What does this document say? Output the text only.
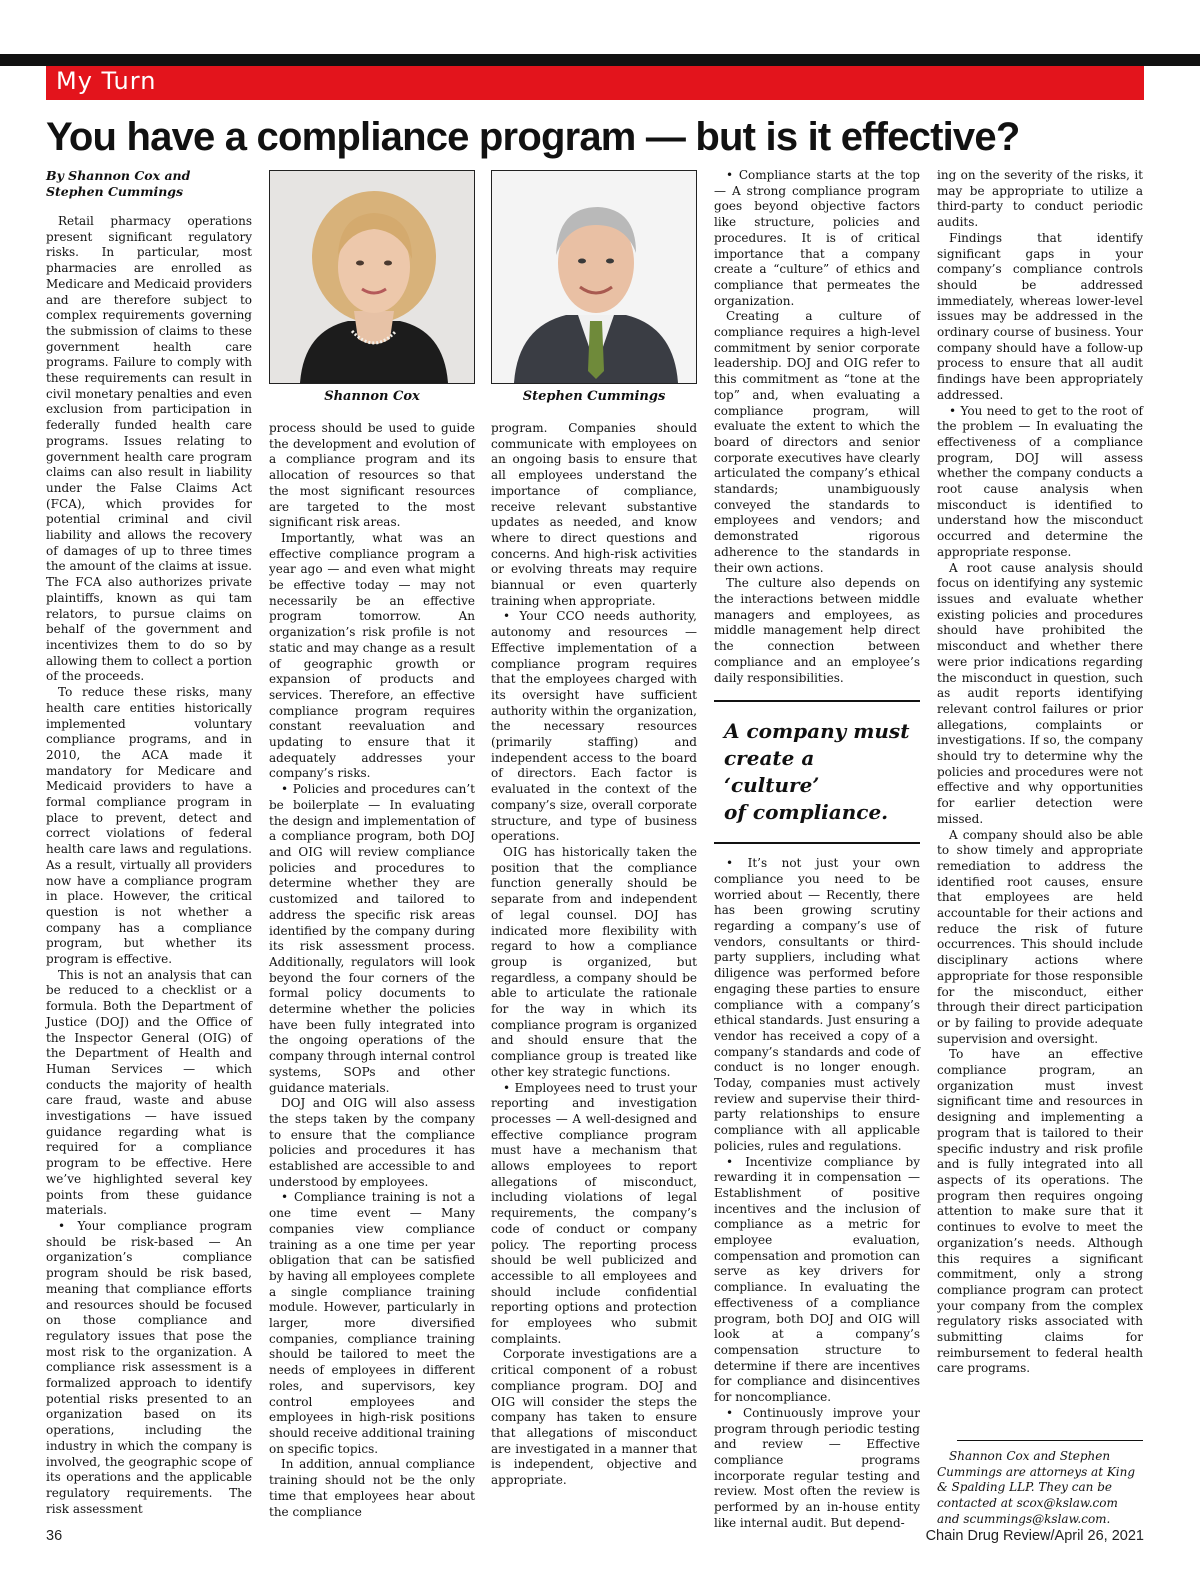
My Turn
You have a compliance program — but is it effective?
By Shannon Cox and
Stephen Cummings

Retail pharmacy operations present significant regulatory risks. In particular, most pharmacies are enrolled as Medicare and Medicaid providers and are therefore subject to complex requirements governing the submission of claims to these government health care programs. Failure to comply with these requirements can result in civil monetary penalties and even exclusion from participation in federally funded health care programs. Issues relating to government health care program claims can also result in liability under the False Claims Act (FCA), which provides for potential criminal and civil liability and allows the recovery of damages of up to three times the amount of the claims at issue. The FCA also authorizes private plaintiffs, known as qui tam relators, to pursue claims on behalf of the government and incentivizes them to do so by allowing them to collect a portion of the proceeds.

To reduce these risks, many health care entities historically implemented voluntary compliance programs, and in 2010, the ACA made it mandatory for Medicare and Medicaid providers to have a formal compliance program in place to prevent, detect and correct violations of federal health care laws and regulations. As a result, virtually all providers now have a compliance program in place. However, the critical question is not whether a company has a compliance program, but whether its program is effective.

This is not an analysis that can be reduced to a checklist or a formula. Both the Department of Justice (DOJ) and the Office of the Inspector General (OIG) of the Department of Health and Human Services — which conducts the majority of health care fraud, waste and abuse investigations — have issued guidance regarding what is required for a compliance program to be effective. Here we’ve highlighted several key points from these guidance materials.

• Your compliance program should be risk-based — An organization’s compliance program should be risk based, meaning that compliance efforts and resources should be focused on those compliance and regulatory issues that pose the most risk to the organization. A compliance risk assessment is a formalized approach to identify potential risks presented to an organization based on its operations, including the industry in which the company is involved, the geographic scope of its operations and the applicable regulatory requirements. The risk assessment

Shannon Cox	Stephen Cummings

process should be used to guide the development and evolution of a compliance program and its allocation of resources so that the most significant resources are targeted to the most significant risk areas.

Importantly, what was an effective compliance program a year ago — and even what might be effective today — may not necessarily be an effective program tomorrow. An organization’s risk profile is not static and may change as a result of geographic growth or expansion of products and services. Therefore, an effective compliance program requires constant reevaluation and updating to ensure that it adequately addresses your company’s risks.

• Policies and procedures can’t be boilerplate — In evaluating the design and implementation of a compliance program, both DOJ and OIG will review compliance policies and procedures to determine whether they are customized and tailored to address the specific risk areas identified by the company during its risk assessment process. Additionally, regulators will look beyond the four corners of the formal policy documents to determine whether the policies have been fully integrated into the ongoing operations of the company through internal control systems, SOPs and other guidance materials.

DOJ and OIG will also assess the steps taken by the company to ensure that the compliance policies and procedures it has established are accessible to and understood by employees.

• Compliance training is not a one time event — Many companies view compliance training as a one time per year obligation that can be satisfied by having all employees complete a single compliance training module. However, particularly in larger, more diversified companies, compliance training should be tailored to meet the needs of employees in different roles, and supervisors, key control employees and employees in high-risk positions should receive additional training on specific topics.

In addition, annual compliance training should not be the only time that employees hear about the compliance

program. Companies should communicate with employees on an ongoing basis to ensure that all employees understand the importance of compliance, receive relevant substantive updates as needed, and know where to direct questions and concerns. And high-risk activities or evolving threats may require biannual or even quarterly training when appropriate.

• Your CCO needs authority, autonomy and resources — Effective implementation of a compliance program requires that the employees charged with its oversight have sufficient authority within the organization, the necessary resources (primarily staffing) and independent access to the board of directors. Each factor is evaluated in the context of the company’s size, overall corporate structure, and type of business operations.

OIG has historically taken the position that the compliance function generally should be separate from and independent of legal counsel. DOJ has indicated more flexibility with regard to how a compliance group is organized, but regardless, a company should be able to articulate the rationale for the way in which its compliance program is organized and should ensure that the compliance group is treated like other key strategic functions.

• Employees need to trust your reporting and investigation processes — A well-designed and effective compliance program must have a mechanism that allows employees to report allegations of misconduct, including violations of legal requirements, the company’s code of conduct or company policy. The reporting process should be well publicized and accessible to all employees and should include confidential reporting options and protection for employees who submit complaints.

Corporate investigations are a critical component of a robust compliance program. DOJ and OIG will consider the steps the company has taken to ensure that allegations of misconduct are investigated in a manner that is independent, objective and appropriate.

• Compliance starts at the top — A strong compliance program goes beyond objective factors like structure, policies and procedures. It is of critical importance that a company create a “culture” of ethics and compliance that permeates the organization.

Creating a culture of compliance requires a high-level commitment by senior corporate leadership. DOJ and OIG refer to this commitment as “tone at the top” and, when evaluating a compliance program, will evaluate the extent to which the board of directors and senior corporate executives have clearly articulated the company’s ethical standards; unambiguously conveyed the standards to employees and vendors; and demonstrated rigorous adherence to the standards in their own actions.

The culture also depends on the interactions between middle managers and employees, as middle management help direct the connection between compliance and an employee’s daily responsibilities.

A company must
create a ‘culture’
of compliance.

• It’s not just your own compliance you need to be worried about — Recently, there has been growing scrutiny regarding a company’s use of vendors, consultants or third-party suppliers, including what diligence was performed before engaging these parties to ensure compliance with a company’s ethical standards. Just ensuring a vendor has received a copy of a company’s standards and code of conduct is no longer enough. Today, companies must actively review and supervise their third-party relationships to ensure compliance with all applicable policies, rules and regulations.

• Incentivize compliance by rewarding it in compensation — Establishment of positive incentives and the inclusion of compliance as a metric for employee evaluation, compensation and promotion can serve as key drivers for compliance. In evaluating the effectiveness of a compliance program, both DOJ and OIG will look at a company’s compensation structure to determine if there are incentives for compliance and disincentives for noncompliance.

• Continuously improve your program through periodic testing and review — Effective compliance programs incorporate regular testing and review. Most often the review is performed by an in-house entity like internal audit. But depend-

ing on the severity of the risks, it may be appropriate to utilize a third-party to conduct periodic audits.

Findings that identify significant gaps in your company’s compliance controls should be addressed immediately, whereas lower-level issues may be addressed in the ordinary course of business. Your company should have a follow-up process to ensure that all audit findings have been appropriately addressed.

• You need to get to the root of the problem — In evaluating the effectiveness of a compliance program, DOJ will assess whether the company conducts a root cause analysis when misconduct is identified to understand how the misconduct occurred and determine the appropriate response.

A root cause analysis should focus on identifying any systemic issues and evaluate whether existing policies and procedures should have prohibited the misconduct and whether there were prior indications regarding the misconduct in question, such as audit reports identifying relevant control failures or prior allegations, complaints or investigations. If so, the company should try to determine why the policies and procedures were not effective and why opportunities for earlier detection were missed.

A company should also be able to show timely and appropriate remediation to address the identified root causes, ensure that employees are held accountable for their actions and reduce the risk of future occurrences. This should include disciplinary actions where appropriate for those responsible for the misconduct, either through their direct participation or by failing to provide adequate supervision and oversight.

To have an effective compliance program, an organization must invest significant time and resources in designing and implementing a program that is tailored to their specific industry and risk profile and is fully integrated into all aspects of its operations. The program then requires ongoing attention to make sure that it continues to evolve to meet the organization’s needs. Although this requires a significant commitment, only a strong compliance program can protect your company from the complex regulatory risks associated with submitting claims for reimbursement to federal health care programs.

Shannon Cox and Stephen Cummings are attorneys at King & Spalding LLP. They can be contacted at scox@kslaw.com and scummings@kslaw.com.

36	Chain Drug Review/April 26, 2021
